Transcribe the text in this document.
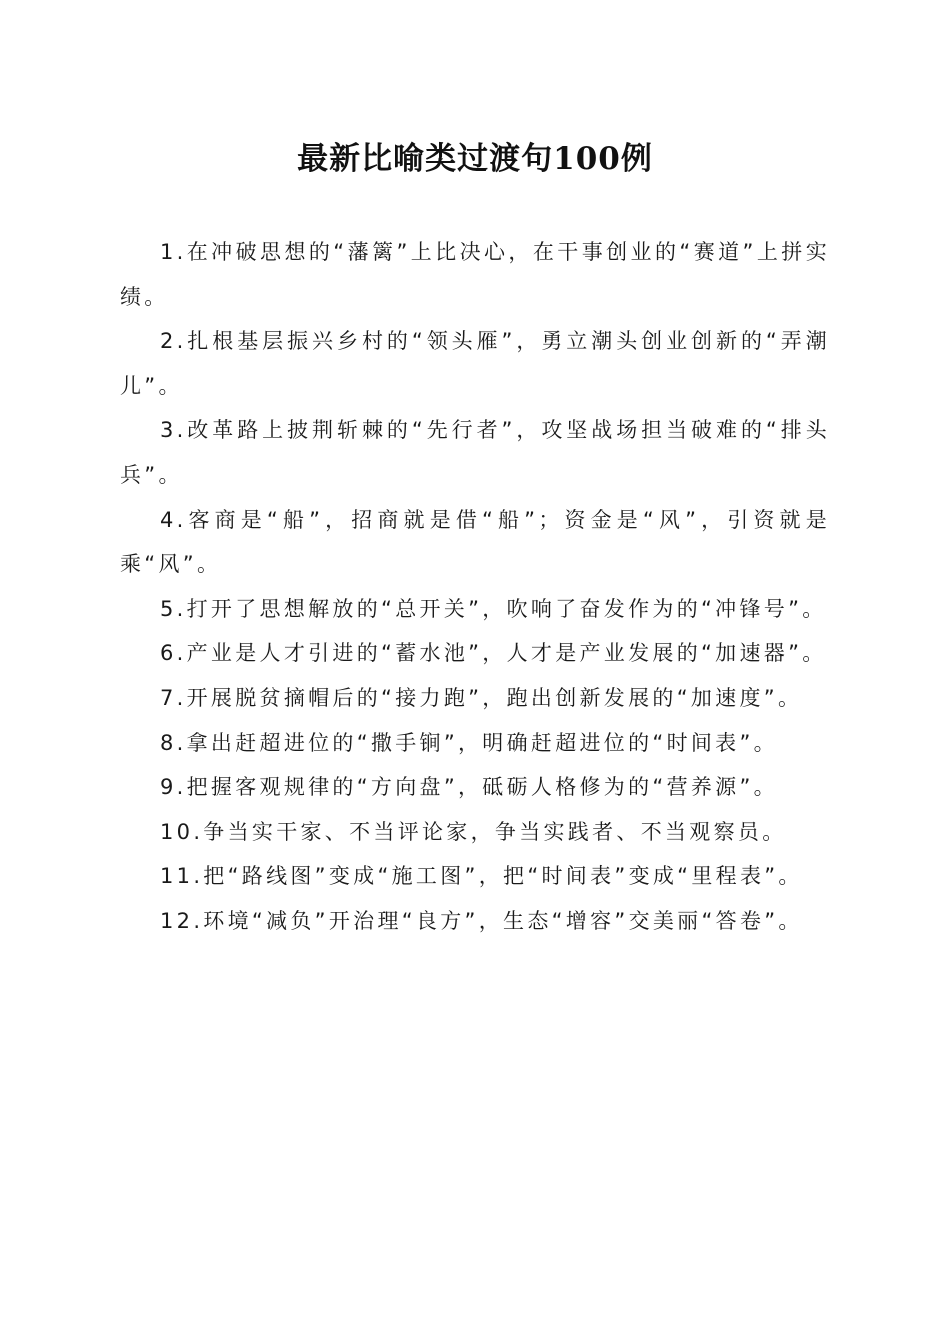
最新比喻类过渡句100例

1.在冲破思想的“藩篱”上比决心，在干事创业的“赛道”上拼实绩。

2.扎根基层振兴乡村的“领头雁”，勇立潮头创业创新的“弄潮儿”。

3.改革路上披荆斩棘的“先行者”，攻坚战场担当破难的“排头兵”。

4.客商是“船”，招商就是借“船”；资金是“风”，引资就是乘“风”。

5.打开了思想解放的“总开关”，吹响了奋发作为的“冲锋号”。

6.产业是人才引进的“蓄水池”，人才是产业发展的“加速器”。

7.开展脱贫摘帽后的“接力跑”，跑出创新发展的“加速度”。

8.拿出赶超进位的“撒手锏”，明确赶超进位的“时间表”。

9.把握客观规律的“方向盘”，砥砺人格修为的“营养源”。

10.争当实干家、不当评论家，争当实践者、不当观察员。

11.把“路线图”变成“施工图”，把“时间表”变成“里程表”。

12.环境“减负”开治理“良方”，生态“增容”交美丽“答卷”。
